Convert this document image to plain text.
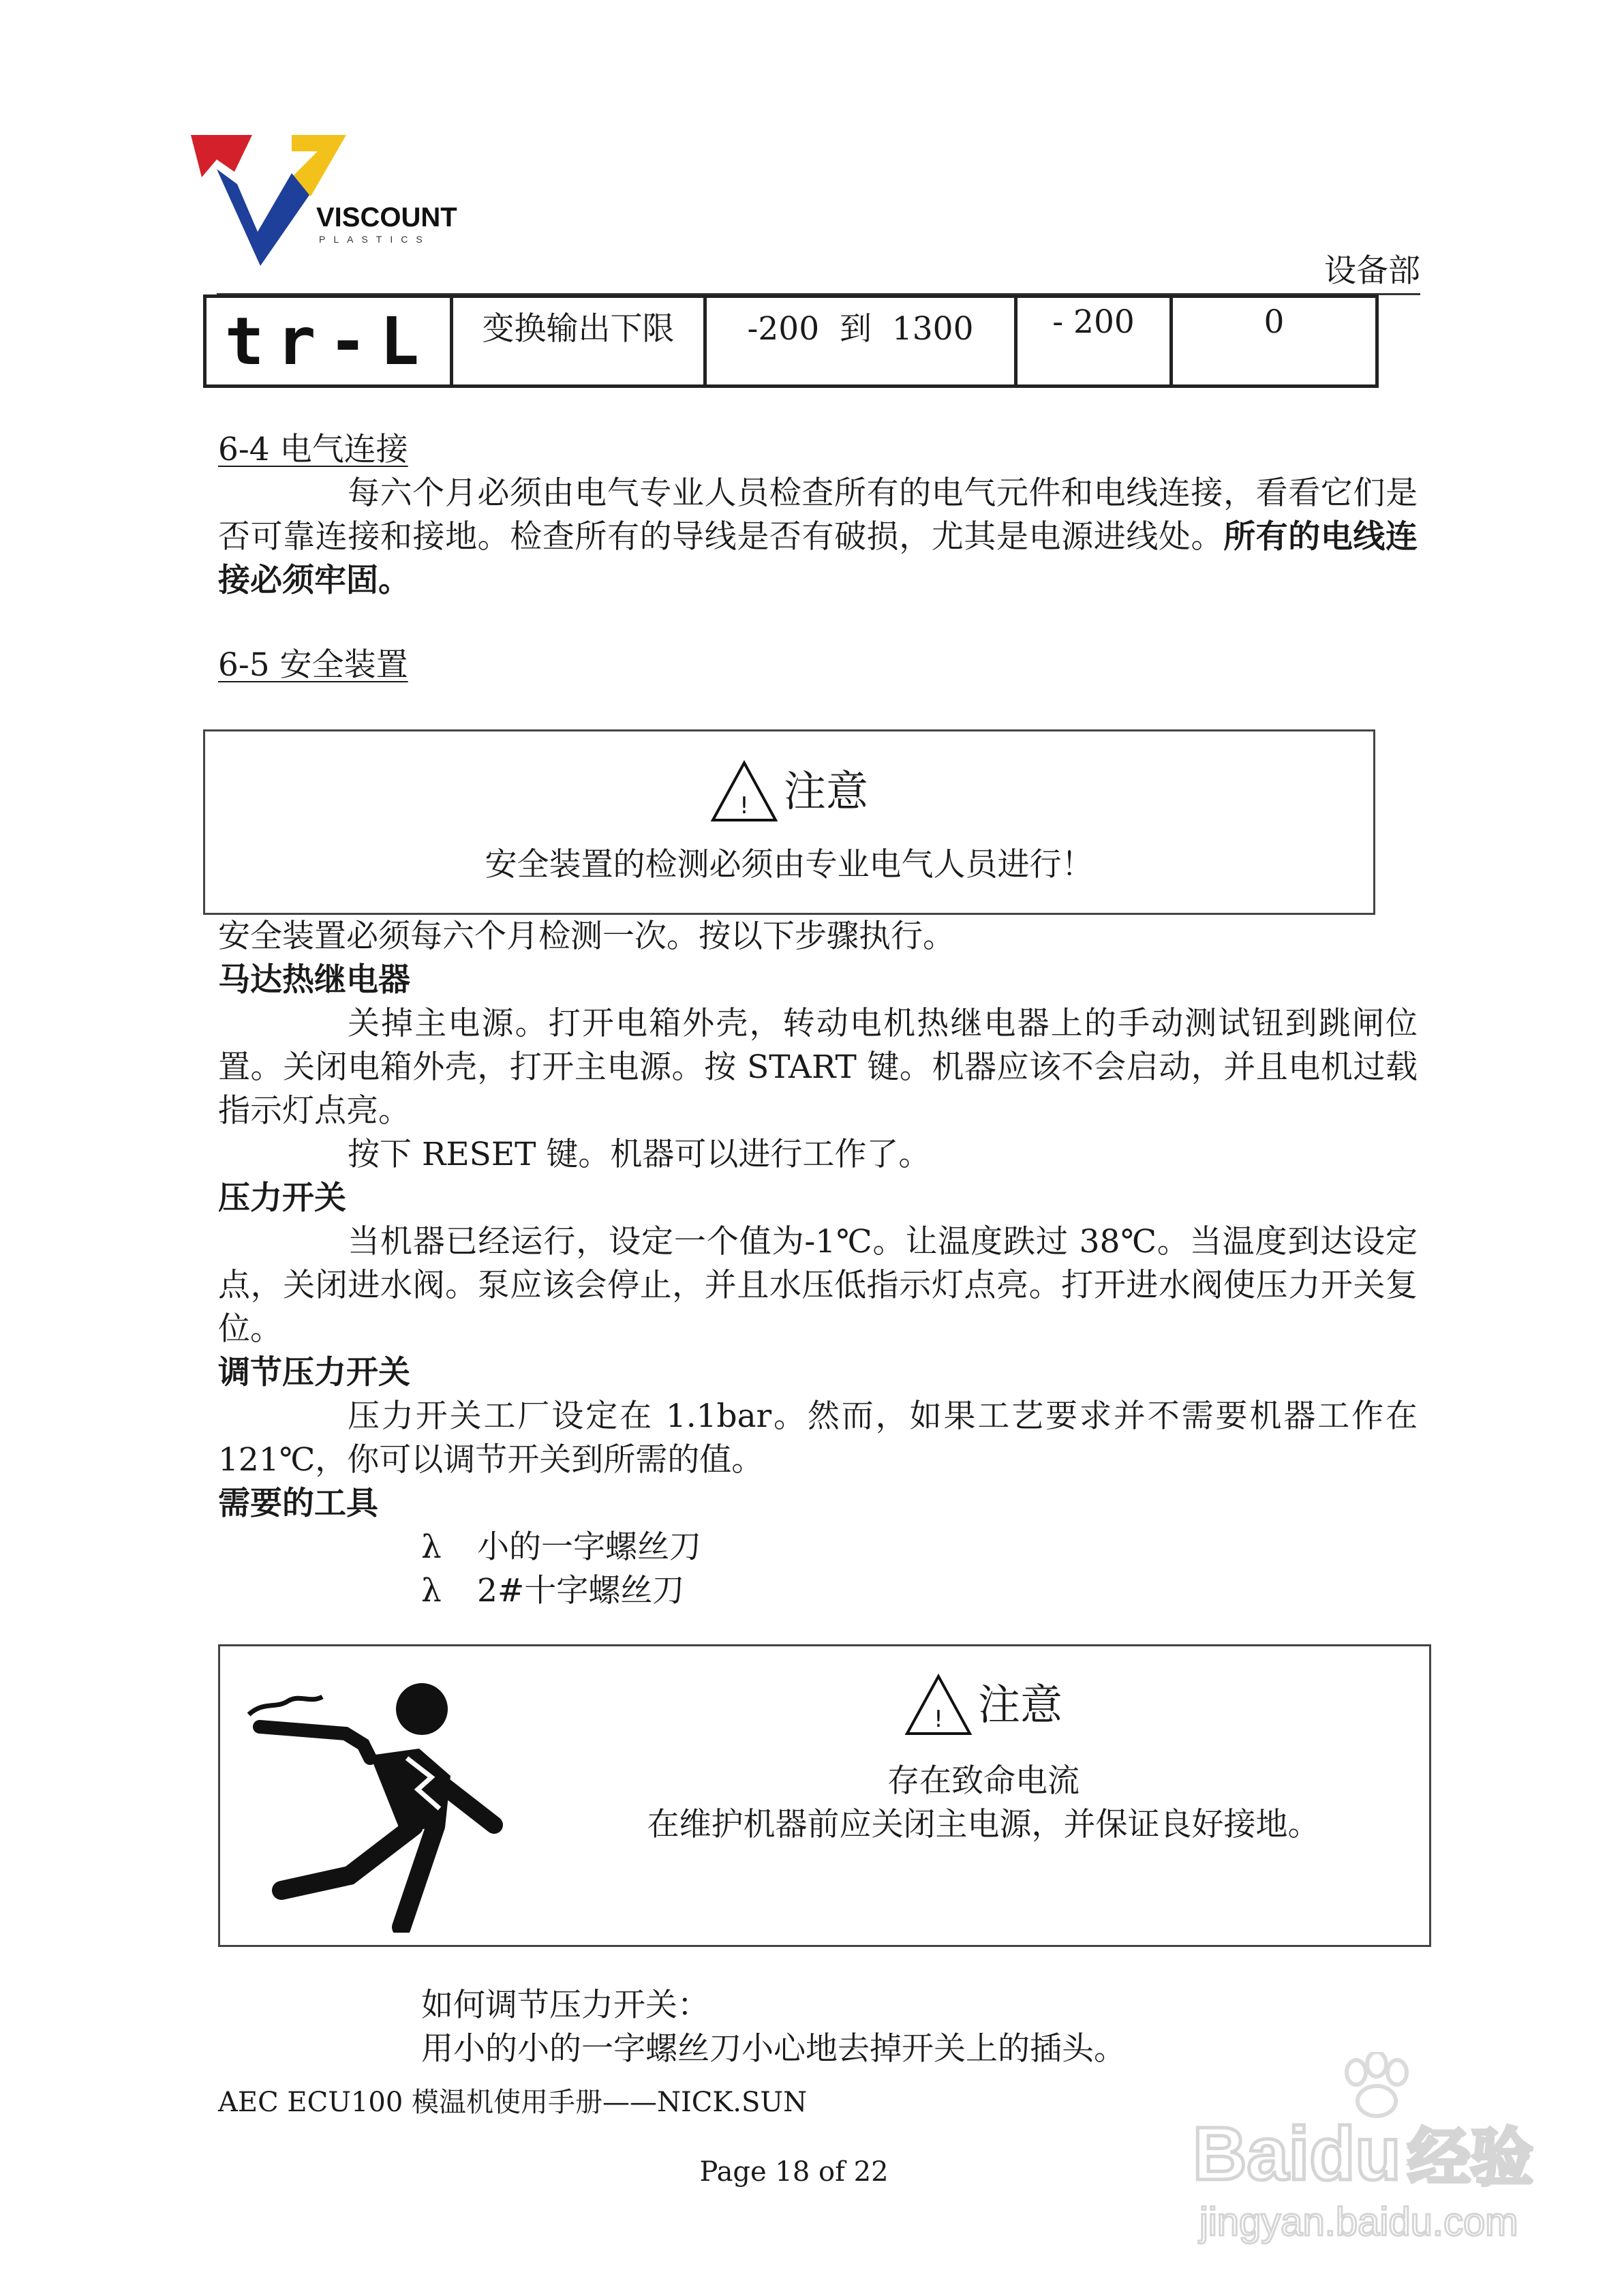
VISCOUNT
PLASTICS
设备部
tr-L	变换输出下限	-200  到  1300	- 200	0
6-4 电气连接
每六个月必须由电气专业人员检查所有的电气元件和电线连接，看看它们是否可靠连接和接地。检查所有的导线是否有破损，尤其是电源进线处。所有的电线连接必须牢固。
6-5 安全装置
! 注意
安全装置的检测必须由专业电气人员进行！
安全装置必须每六个月检测一次。按以下步骤执行。
马达热继电器
关掉主电源。打开电箱外壳，转动电机热继电器上的手动测试钮到跳闸位置。关闭电箱外壳，打开主电源。按 START 键。机器应该不会启动，并且电机过载指示灯点亮。
按下 RESET 键。机器可以进行工作了。
压力开关
当机器已经运行，设定一个值为-1℃。让温度跌过 38℃。当温度到达设定点，关闭进水阀。泵应该会停止，并且水压低指示灯点亮。打开进水阀使压力开关复位。
调节压力开关
压力开关工厂设定在 1.1bar。然而，如果工艺要求并不需要机器工作在 121℃，你可以调节开关到所需的值。
需要的工具
λ 小的一字螺丝刀
λ 2#十字螺丝刀
! 注意
存在致命电流
在维护机器前应关闭主电源，并保证良好接地。
如何调节压力开关：
用小的小的一字螺丝刀小心地去掉开关上的插头。
AEC ECU100 模温机使用手册——NICK.SUN
Page 18 of 22	Baidu 经验
jingyan.baidu.com
